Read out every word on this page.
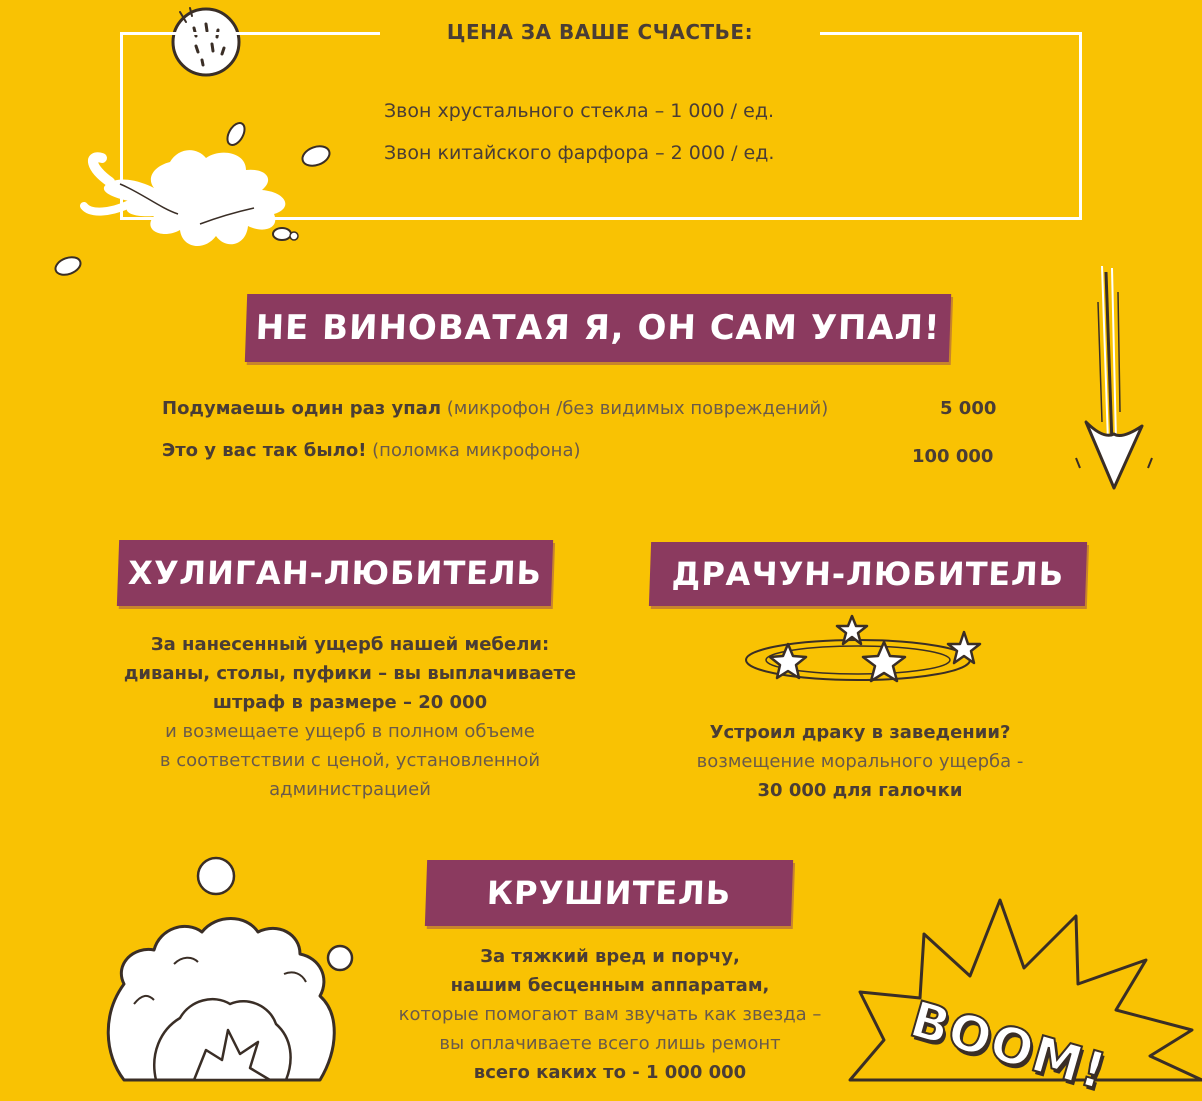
ЦЕНА ЗА ВАШЕ СЧАСТЬЕ:
Звон хрустального стекла – 1 000 / ед.
Звон китайского фарфора – 2 000 / ед.
НЕ ВИНОВАТАЯ Я, ОН САМ УПАЛ!
Подумаешь один раз упал (микрофон /без видимых повреждений)	5 000
Это у вас так было! (поломка микрофона)	100 000
ХУЛИГАН-ЛЮБИТЕЛЬ
За нанесенный ущерб нашей мебели:
диваны, столы, пуфики – вы выплачиваете
штраф в размере – 20 000
и возмещаете ущерб в полном объеме
в соответствии с ценой, установленной
администрацией
ДРАЧУН-ЛЮБИТЕЛЬ
Устроил драку в заведении?
возмещение морального ущерба -
30 000 для галочки
КРУШИТЕЛЬ
За тяжкий вред и порчу,
нашим бесценным аппаратам,
которые помогают вам звучать как звезда –
вы оплачиваете всего лишь ремонт
всего каких то - 1 000 000	BOOM!
